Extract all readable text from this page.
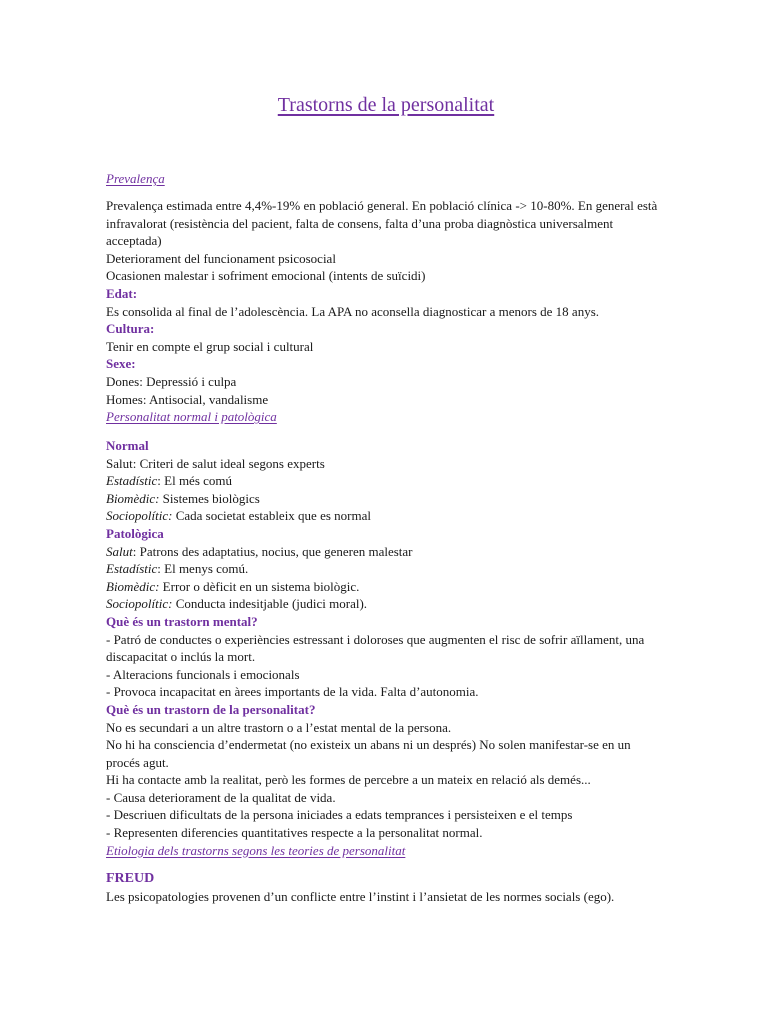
Trastorns de la personalitat
Prevalença
Prevalença estimada entre 4,4%-19% en població general. En població clínica -> 10-80%. En general està infravalorat (resistència del pacient, falta de consens, falta d’una proba diagnòstica universalment acceptada)
Deteriorament del funcionament psicosocial
Ocasionen malestar i sofriment emocional (intents de suïcidi)
Edat:
Es consolida al final de l’adolescència. La APA no aconsella diagnosticar a menors de 18 anys.
Cultura:
Tenir en compte el grup social i cultural
Sexe:
Dones: Depressió i culpa
Homes: Antisocial, vandalisme
Personalitat normal i patològica
Normal
Salut: Criteri de salut ideal segons experts
Estadístic: El més comú
Biomèdic: Sistemes biològics
Sociopolític: Cada societat estableix que es normal
Patològica
Salut: Patrons des adaptatius, nocius, que generen malestar
Estadístic: El menys comú.
Biomèdic: Error o dèficit en un sistema biològic.
Sociopolític: Conducta indesitjable (judici moral).
Què és un trastorn mental?
- Patró de conductes o experiències estressant i doloroses que augmenten el risc de sofrir aïllament, una discapacitat o inclús la mort.
- Alteracions funcionals i emocionals
- Provoca incapacitat en àrees importants de la vida. Falta d’autonomia.
Què és un trastorn de la personalitat?
No es secundari a un altre trastorn o a l’estat mental de la persona.
No hi ha consciencia d’endermetat (no existeix un abans ni un després) No solen manifestar-se en un procés agut.
Hi ha contacte amb la realitat, però les formes de percebre a un mateix en relació als demés...
- Causa deteriorament de la qualitat de vida.
- Descriuen dificultats de la persona iniciades a edats temprances i persisteixen e el temps
- Representen diferencies quantitatives respecte a la personalitat normal.
Etiologia dels trastorns segons les teories de personalitat
FREUD
Les psicopatologies provenen d’un conflicte entre l’instint i l’ansietat de les normes socials (ego).
